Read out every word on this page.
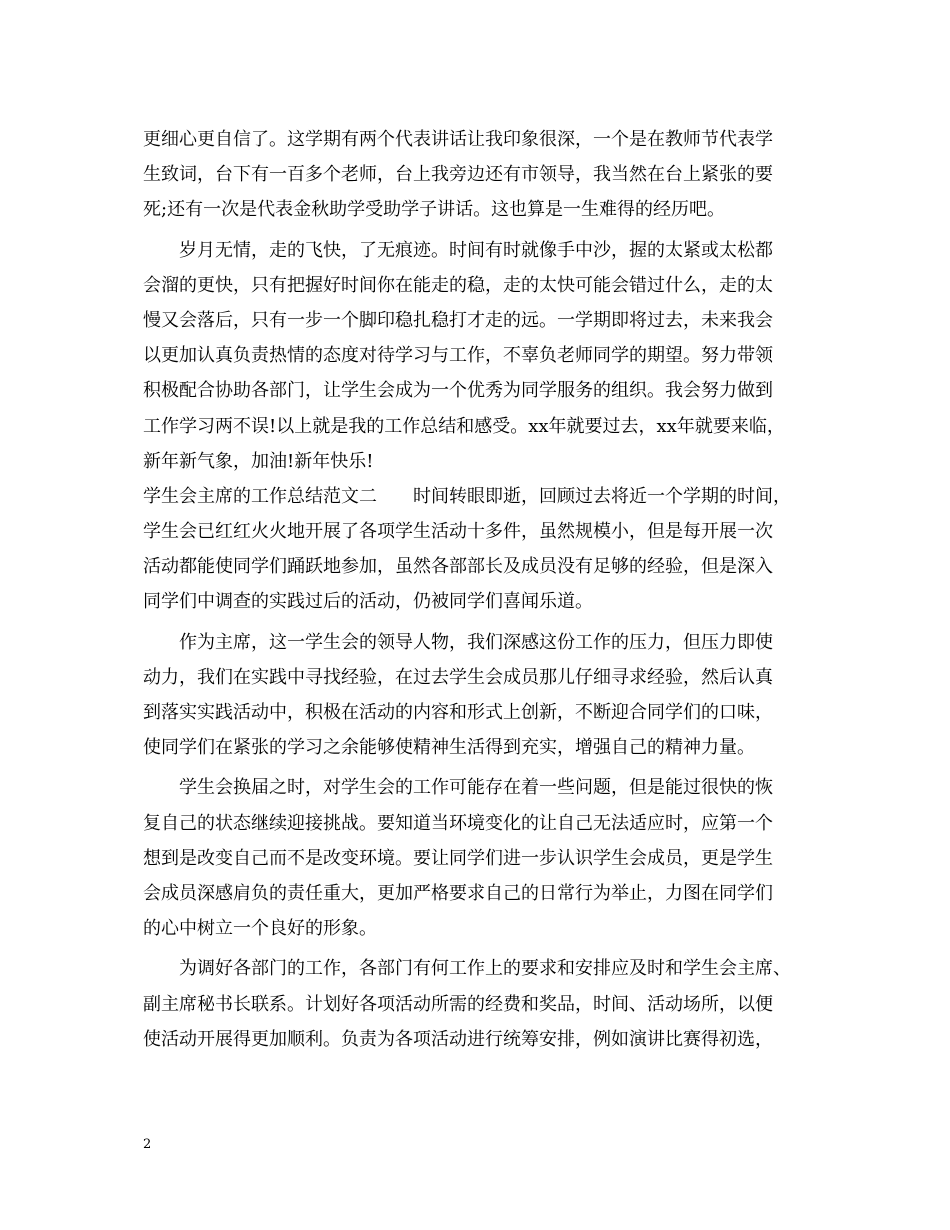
更细心更自信了。这学期有两个代表讲话让我印象很深，一个是在教师节代表学
生致词，台下有一百多个老师，台上我旁边还有市领导，我当然在台上紧张的要
死;还有一次是代表金秋助学受助学子讲话。这也算是一生难得的经历吧。

岁月无情，走的飞快，了无痕迹。时间有时就像手中沙，握的太紧或太松都
会溜的更快，只有把握好时间你在能走的稳，走的太快可能会错过什么，走的太
慢又会落后，只有一步一个脚印稳扎稳打才走的远。一学期即将过去，未来我会
以更加认真负责热情的态度对待学习与工作，不辜负老师同学的期望。努力带领
积极配合协助各部门，让学生会成为一个优秀为同学服务的组织。我会努力做到
工作学习两不误!以上就是我的工作总结和感受。xx年就要过去，xx年就要来临，
新年新气象，加油!新年快乐!

学生会主席的工作总结范文二　　时间转眼即逝，回顾过去将近一个学期的时间，
学生会已红红火火地开展了各项学生活动十多件，虽然规模小，但是每开展一次
活动都能使同学们踊跃地参加，虽然各部部长及成员没有足够的经验，但是深入
同学们中调查的实践过后的活动，仍被同学们喜闻乐道。

作为主席，这一学生会的领导人物，我们深感这份工作的压力，但压力即使
动力，我们在实践中寻找经验，在过去学生会成员那儿仔细寻求经验，然后认真
到落实实践活动中，积极在活动的内容和形式上创新，不断迎合同学们的口味，
使同学们在紧张的学习之余能够使精神生活得到充实，增强自己的精神力量。

学生会换届之时，对学生会的工作可能存在着一些问题，但是能过很快的恢
复自己的状态继续迎接挑战。要知道当环境变化的让自己无法适应时，应第一个
想到是改变自己而不是改变环境。要让同学们进一步认识学生会成员，更是学生
会成员深感肩负的责任重大，更加严格要求自己的日常行为举止，力图在同学们
的心中树立一个良好的形象。

为调好各部门的工作，各部门有何工作上的要求和安排应及时和学生会主席、
副主席秘书长联系。计划好各项活动所需的经费和奖品，时间、活动场所，以便
使活动开展得更加顺利。负责为各项活动进行统筹安排，例如演讲比赛得初选，

2
